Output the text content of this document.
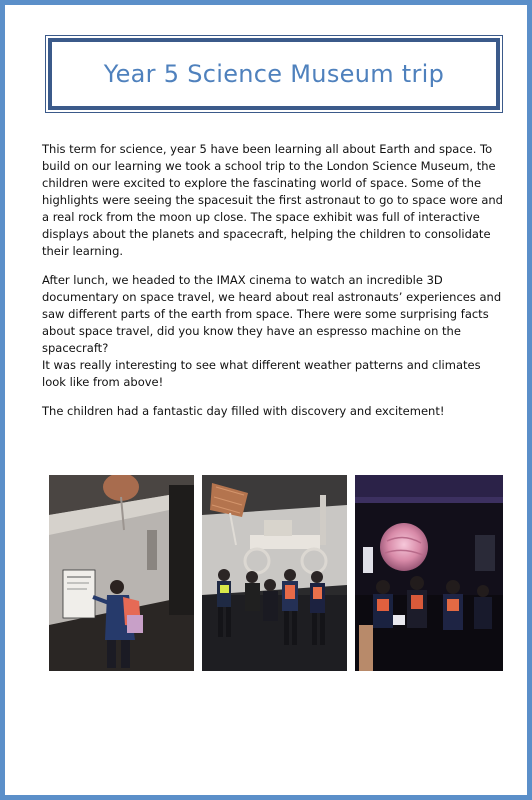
Year 5 Science Museum trip

This term for science, year 5 have been learning all about Earth and space. To build on our learning we took a school trip to the London Science Museum, the children were excited to explore the fascinating world of space. Some of the highlights were seeing the spacesuit the first astronaut to go to space wore and a real rock from the moon up close. The space exhibit was full of interactive displays about the planets and spacecraft, helping the children to consolidate their learning.

After lunch, we headed to the IMAX cinema to watch an incredible 3D documentary on space travel, we heard about real astronauts’ experiences and saw different parts of the earth from space. There were some surprising facts about space travel, did you know they have an espresso machine on the spacecraft?
It was really interesting to see what different weather patterns and climates look like from above!

The children had a fantastic day filled with discovery and excitement!
